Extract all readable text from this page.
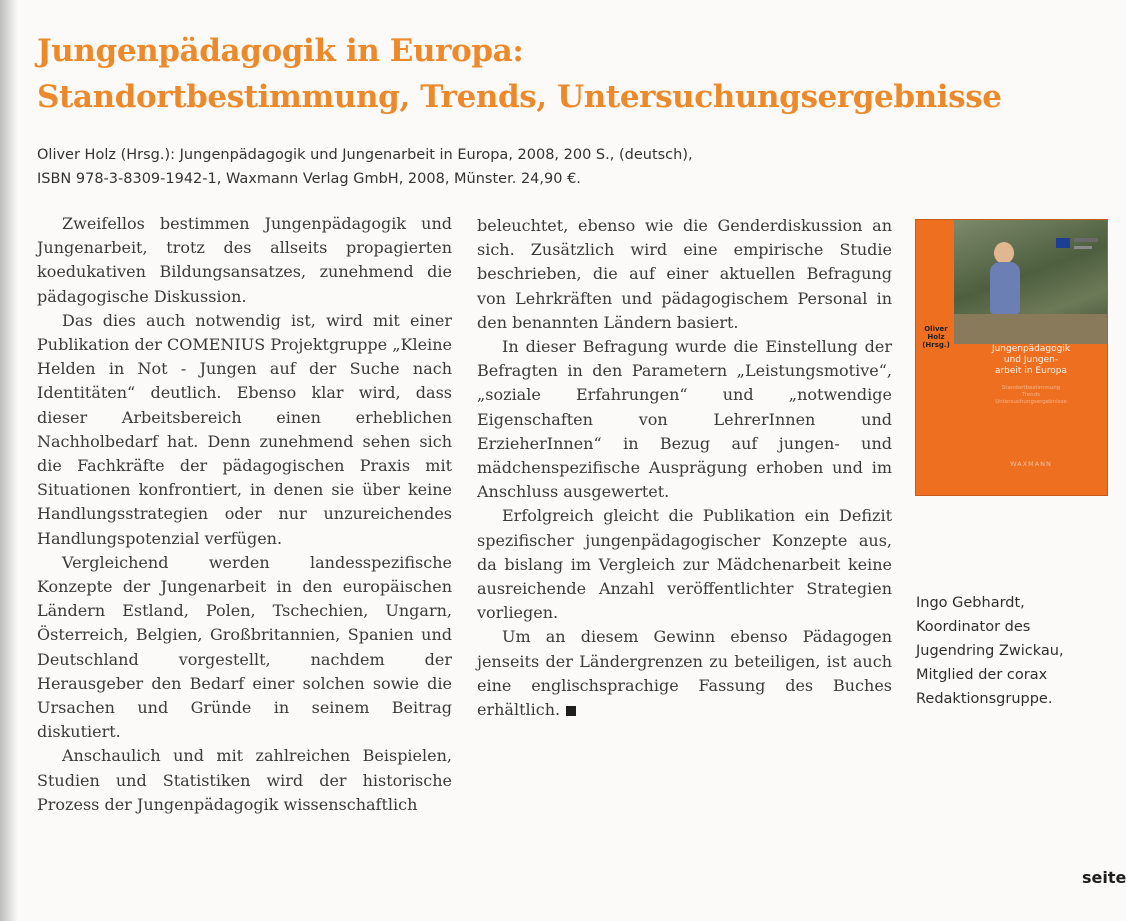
Jungenpädagogik in Europa:
Standortbestimmung, Trends, Untersuchungsergebnisse
Oliver Holz (Hrsg.): Jungenpädagogik und Jungenarbeit in Europa, 2008, 200 S., (deutsch),
ISBN 978-3-8309-1942-1, Waxmann Verlag GmbH, 2008, Münster. 24,90 €.

Zweifellos bestimmen Jungenpädagogik und Jungenarbeit, trotz des allseits propagierten koedukativen Bildungsansatzes, zunehmend die pädagogische Diskussion.

Das dies auch notwendig ist, wird mit einer Publikation der COMENIUS Projektgruppe „Kleine Helden in Not - Jungen auf der Suche nach Identitäten“ deutlich. Ebenso klar wird, dass dieser Arbeitsbereich einen erheblichen Nachholbedarf hat. Denn zunehmend sehen sich die Fachkräfte der pädagogischen Praxis mit Situationen konfrontiert, in denen sie über keine Handlungsstrategien oder nur unzureichendes Handlungspotenzial verfügen.

Vergleichend werden landesspezifische Konzepte der Jungenarbeit in den europäischen Ländern Estland, Polen, Tschechien, Ungarn, Österreich, Belgien, Großbritannien, Spanien und Deutschland vorgestellt, nachdem der Herausgeber den Bedarf einer solchen sowie die Ursachen und Gründe in seinem Beitrag diskutiert.

Anschaulich und mit zahlreichen Beispielen, Studien und Statistiken wird der historische Prozess der Jungenpädagogik wissenschaftlich

beleuchtet, ebenso wie die Genderdiskussion an sich. Zusätzlich wird eine empirische Studie beschrieben, die auf einer aktuellen Befragung von Lehrkräften und pädagogischem Personal in den benannten Ländern basiert.

In dieser Befragung wurde die Einstellung der Befragten in den Parametern „Leistungsmotive“, „soziale Erfahrungen“ und „notwendige Eigenschaften von LehrerInnen und ErzieherInnen“ in Bezug auf jungen- und mädchenspezifische Ausprägung erhoben und im Anschluss ausgewertet.

Erfolgreich gleicht die Publikation ein Defizit spezifischer jungenpädagogischer Konzepte aus, da bislang im Vergleich zur Mädchenarbeit keine ausreichende Anzahl veröffentlichter Strategien vorliegen.

Um an diesem Gewinn ebenso Pädagogen jenseits der Ländergrenzen zu beteiligen, ist auch eine englischsprachige Fassung des Buches erhältlich.

Oliver Holz
(Hrsg.)	Jungenpädagogik
und Jungen-
arbeit in Europa
Standortbestimmung
Trends
Untersuchungsergebnisse
WAXMANN
Ingo Gebhardt,
Koordinator des
Jugendring Zwickau,
Mitglied der corax
Redaktionsgruppe.
seite
